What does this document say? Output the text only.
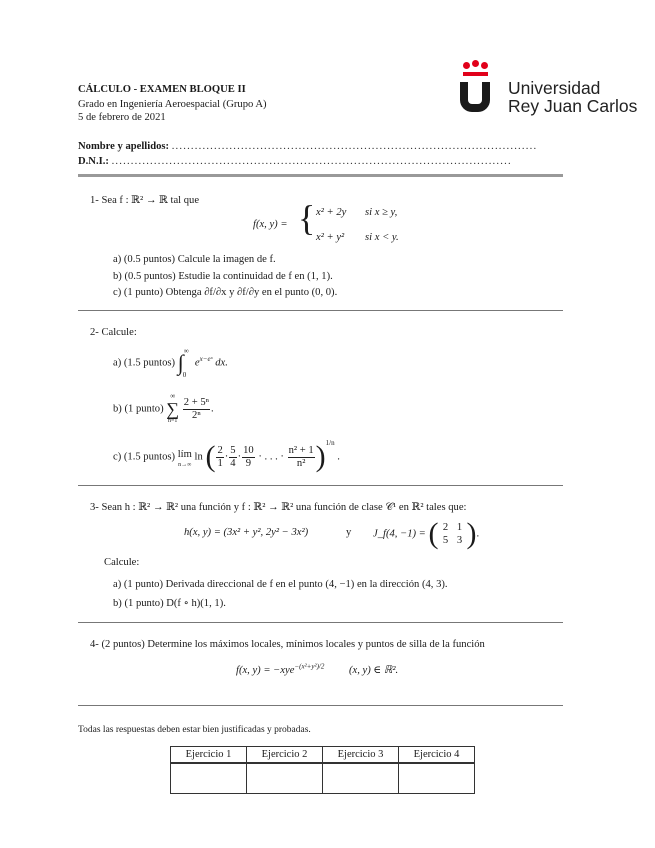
CÁLCULO - EXAMEN BLOQUE II
Grado en Ingeniería Aeroespacial (Grupo A)
5 de febrero de 2021
Universidad
Rey Juan Carlos
Nombre y apellidos: ...............................................................................................
D.N.I.: ........................................................................................................
1- Sea f : ℝ² → ℝ tal que
f(x, y) = { x² + 2y si x ≥ y,
x² + y² si x < y.
a) (0.5 puntos) Calcule la imagen de f.
b) (0.5 puntos) Estudie la continuidad de f en (1, 1).
c) (1 punto) Obtenga ∂f/∂x y ∂f/∂y en el punto (0, 0).
2- Calcule:
a) (1.5 puntos) $\int^\infty_0$ $e^{x-eˣ}$ dx.
b) (1 punto)
∞
∑
n=1
$\frac{\text{2 + 5ⁿ}}{\text{2ⁿ}}$ .
c) (1.5 puntos) lím
n→∞
ln ( $\frac{2}{1} \cdot \frac{5}{4} \cdot \frac{10}{9}$ · . . . · $\frac{\text{n² + 1}}{\text{n²}} )^{1/n}$ .
3- Sean h : ℝ² → ℝ² una función y f : ℝ² → ℝ² una función de clase 𝒞¹ en ℝ² tales que:
h(x, y) = (3x² + y², 2y² − 3x²)	y J_f(4, −1) = ( 2 1
5 3 ).
Calcule:
a) (1 punto) Derivada direccional de f en el punto (4, −1) en la dirección (4, 3).
b) (1 punto) D(f ∘ h)(1, 1).
4- (2 puntos) Determine los máximos locales, mínimos locales y puntos de silla de la función
f(x, y) = −xye$^{-(x^2+y^2)/2}$ (x, y) ∈ ℝ².
Todas las respuestas deben estar bien justificadas y probadas.
Ejercicio 1	Ejercicio 2	Ejercicio 3	Ejercicio 4
